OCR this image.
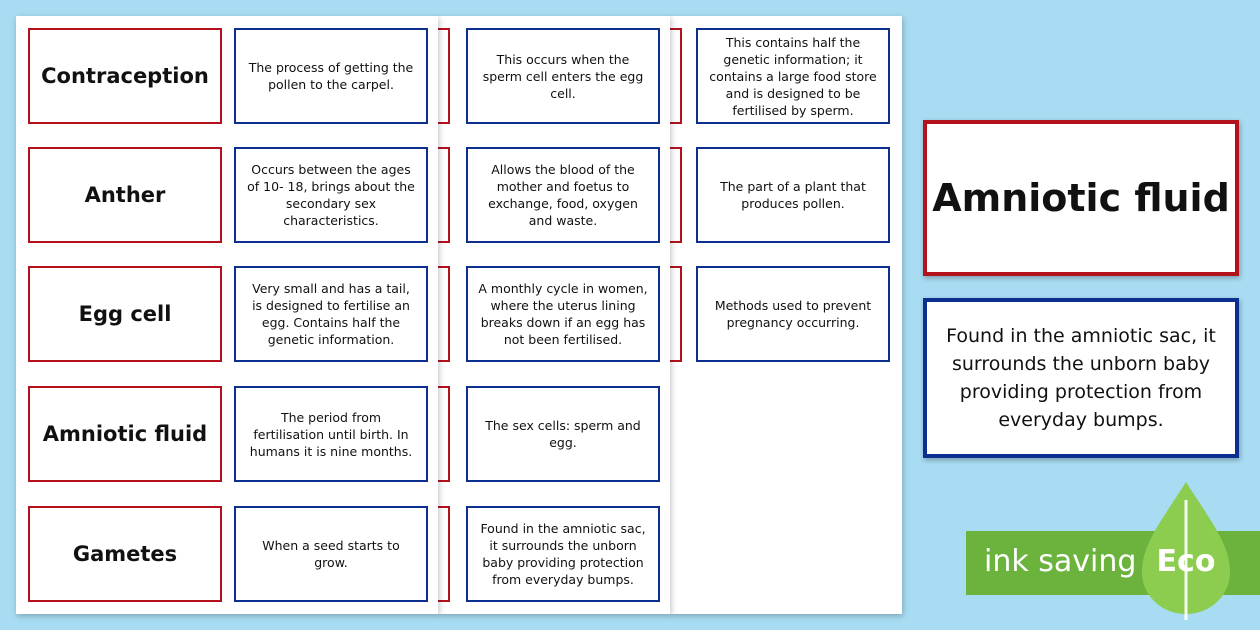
This contains half the genetic information; it contains a large food store and is designed to be fertilised by sperm.
The part of a plant that produces pollen.
Methods used to prevent pregnancy occurring.
This occurs when the sperm cell enters the egg cell.
Allows the blood of the mother and foetus to exchange, food, oxygen and waste.
A monthly cycle in women, where the uterus lining breaks down if an egg has not been fertilised.
The sex cells: sperm and egg.
Found in the amniotic sac, it surrounds the unborn baby providing protection from everyday bumps.
Contraception	The process of getting the pollen to the carpel.
Anther
Occurs between the ages of 10- 18, brings about the secondary sex characteristics.
Egg cell
Very small and has a tail, is designed to fertilise an egg. Contains half the genetic information.
Amniotic fluid
The period from fertilisation until birth. In humans it is nine months.
Gametes	When a seed starts to grow.
Amniotic fluid
Found in the amniotic sac, it surrounds the unborn baby providing protection from everyday bumps.
ink saving Eco
